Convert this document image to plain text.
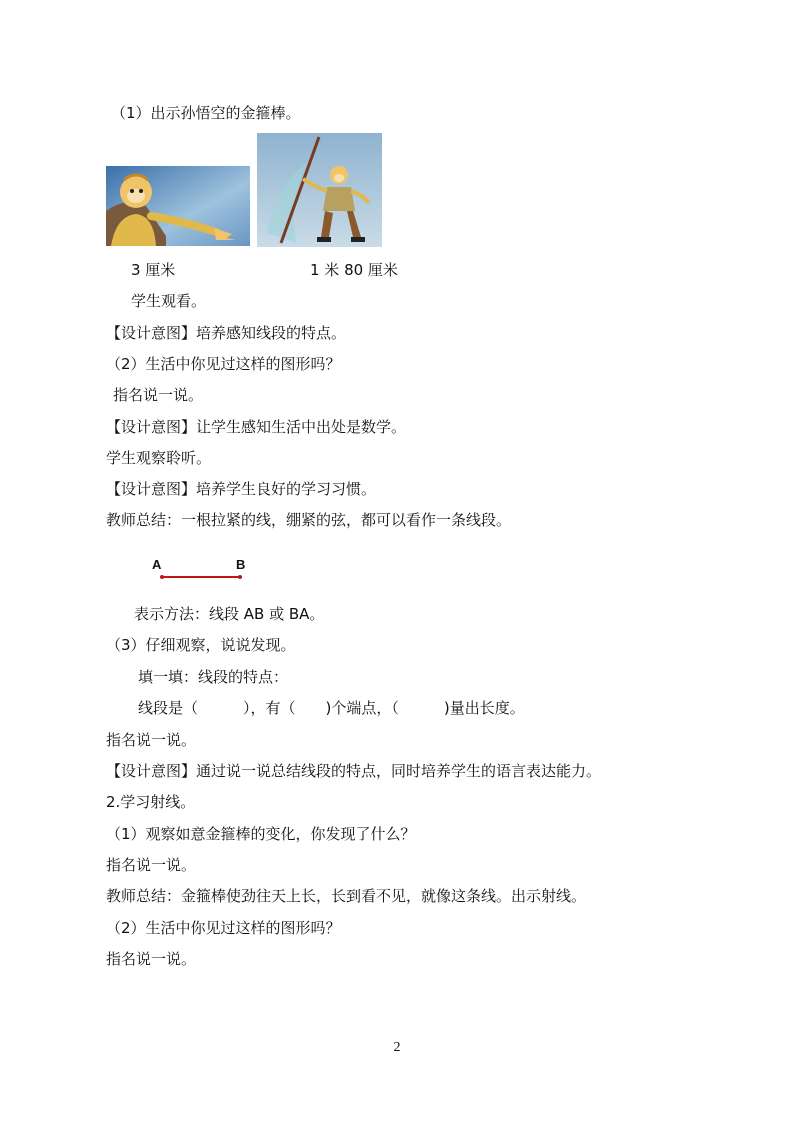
（1）出示孙悟空的金箍棒。
3 厘米	1 米 80 厘米
学生观看。
【设计意图】培养感知线段的特点。
（2）生活中你见过这样的图形吗？
指名说一说。
【设计意图】让学生感知生活中出处是数学。
学生观察聆听。
【设计意图】培养学生良好的学习习惯。
教师总结：一根拉紧的线，绷紧的弦，都可以看作一条线段。
A	B
表示方法：线段 AB 或 BA。
（3）仔细观察，说说发现。
填一填：线段的特点：
线段是（　　　），有（　　)个端点，（　　　)量出长度。
指名说一说。
【设计意图】通过说一说总结线段的特点，同时培养学生的语言表达能力。
2.学习射线。
（1）观察如意金箍棒的变化，你发现了什么？
指名说一说。
教师总结：金箍棒使劲往天上长，长到看不见，就像这条线。出示射线。
（2）生活中你见过这样的图形吗？
指名说一说。
2
